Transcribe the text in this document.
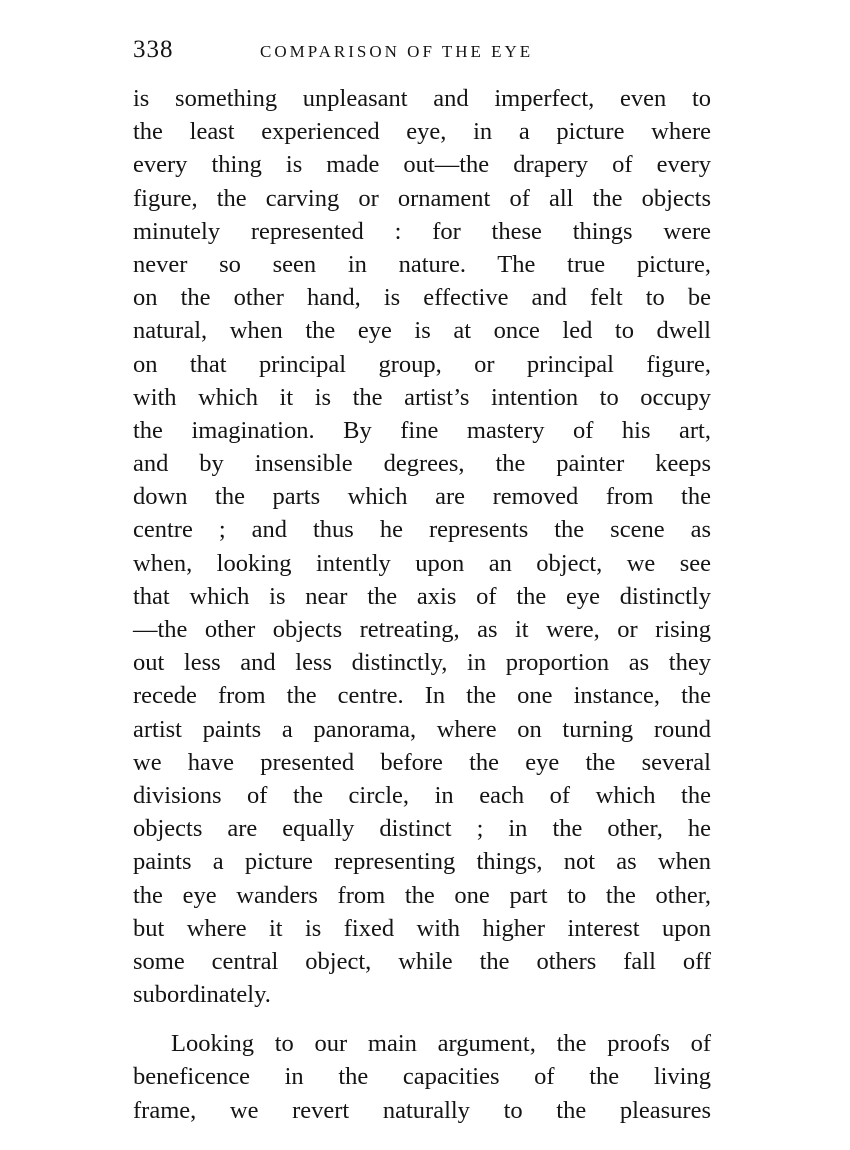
338	COMPARISON OF THE EYE
is something unpleasant and imperfect, even to
the least experienced eye, in a picture where
every thing is made out—the drapery of every
figure, the carving or ornament of all the objects
minutely represented : for these things were
never so seen in nature. The true picture,
on the other hand, is effective and felt to be
natural, when the eye is at once led to dwell
on that principal group, or principal figure,
with which it is the artist’s intention to occupy
the imagination. By fine mastery of his art,
and by insensible degrees, the painter keeps
down the parts which are removed from the
centre ; and thus he represents the scene as
when, looking intently upon an object, we see
that which is near the axis of the eye distinctly
—the other objects retreating, as it were, or rising
out less and less distinctly, in proportion as they
recede from the centre. In the one instance, the
artist paints a panorama, where on turning round
we have presented before the eye the several
divisions of the circle, in each of which the
objects are equally distinct ; in the other, he
paints a picture representing things, not as when
the eye wanders from the one part to the other,
but where it is fixed with higher interest upon
some central object, while the others fall off
subordinately.
Looking to our main argument, the proofs of
beneficence in the capacities of the living
frame, we revert naturally to the pleasures
